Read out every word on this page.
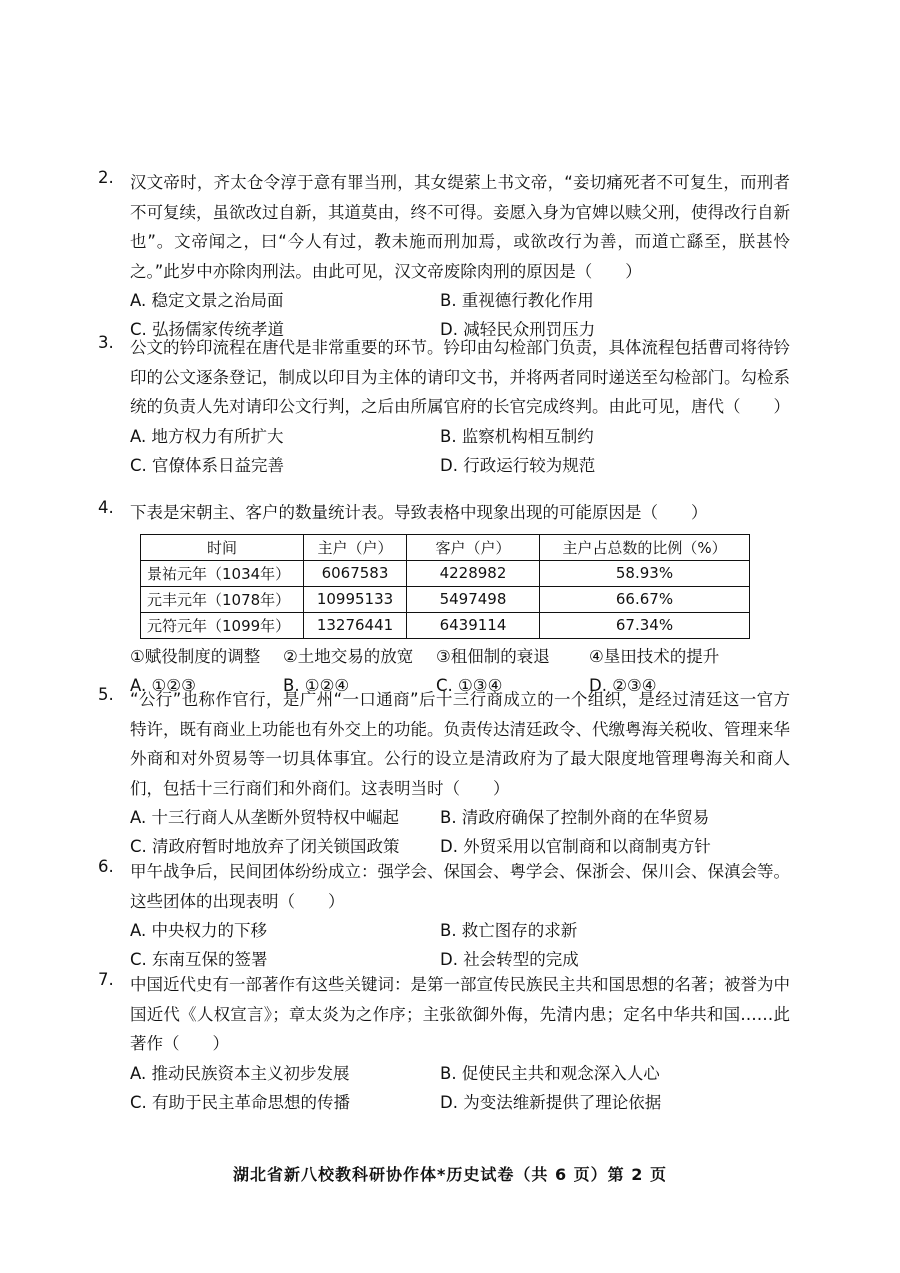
2. 汉文帝时，齐太仓令淳于意有罪当刑，其女缇萦上书文帝，“妾切痛死者不可复生，而刑者不可复续，虽欲改过自新，其道莫由，终不可得。妾愿入身为官婢以赎父刑，使得改行自新也”。文帝闻之，曰“今人有过，教未施而刑加焉，或欲改行为善，而道亡繇至，朕甚怜之。”此岁中亦除肉刑法。由此可见，汉文帝废除肉刑的原因是（　　）

A. 稳定文景之治局面	B. 重视德行教化作用
C. 弘扬儒家传统孝道	D. 减轻民众刑罚压力
3. 公文的钤印流程在唐代是非常重要的环节。钤印由勾检部门负责，具体流程包括曹司将待钤印的公文逐条登记，制成以印目为主体的请印文书，并将两者同时递送至勾检部门。勾检系统的负责人先对请印公文行判，之后由所属官府的长官完成终判。由此可见，唐代（　　）

A. 地方权力有所扩大	B. 监察机构相互制约
C. 官僚体系日益完善	D. 行政运行较为规范
4. 下表是宋朝主、客户的数量统计表。导致表格中现象出现的可能原因是（　　）

时间	主户（户）	客户（户）	主户占总数的比例（%）
景祐元年（1034年）	6067583	4228982	58.93%
元丰元年（1078年）	10995133	5497498	66.67%
元符元年（1099年）	13276441	6439114	67.34%
①赋役制度的调整	②土地交易的放宽	③租佃制的衰退	④垦田技术的提升
A. ①②③	B. ①②④	C. ①③④	D. ②③④
5. “公行”也称作官行，是广州“一口通商”后十三行商成立的一个组织，是经过清廷这一官方特许，既有商业上功能也有外交上的功能。负责传达清廷政令、代缴粤海关税收、管理来华外商和对外贸易等一切具体事宜。公行的设立是清政府为了最大限度地管理粤海关和商人们，包括十三行商们和外商们。这表明当时（　　）

A. 十三行商人从垄断外贸特权中崛起	B. 清政府确保了控制外商的在华贸易
C. 清政府暂时地放弃了闭关锁国政策	D. 外贸采用以官制商和以商制夷方针
6. 甲午战争后，民间团体纷纷成立：强学会、保国会、粤学会、保浙会、保川会、保滇会等。这些团体的出现表明（　　）

A. 中央权力的下移	B. 救亡图存的求新
C. 东南互保的签署	D. 社会转型的完成
7. 中国近代史有一部著作有这些关键词：是第一部宣传民族民主共和国思想的名著；被誉为中国近代《人权宣言》；章太炎为之作序；主张欲御外侮，先清内患；定名中华共和国……此著作（　　）

A. 推动民族资本主义初步发展	B. 促使民主共和观念深入人心
C. 有助于民主革命思想的传播	D. 为变法维新提供了理论依据
湖北省新八校教科研协作体*历史试卷（共 6 页）第 2 页
